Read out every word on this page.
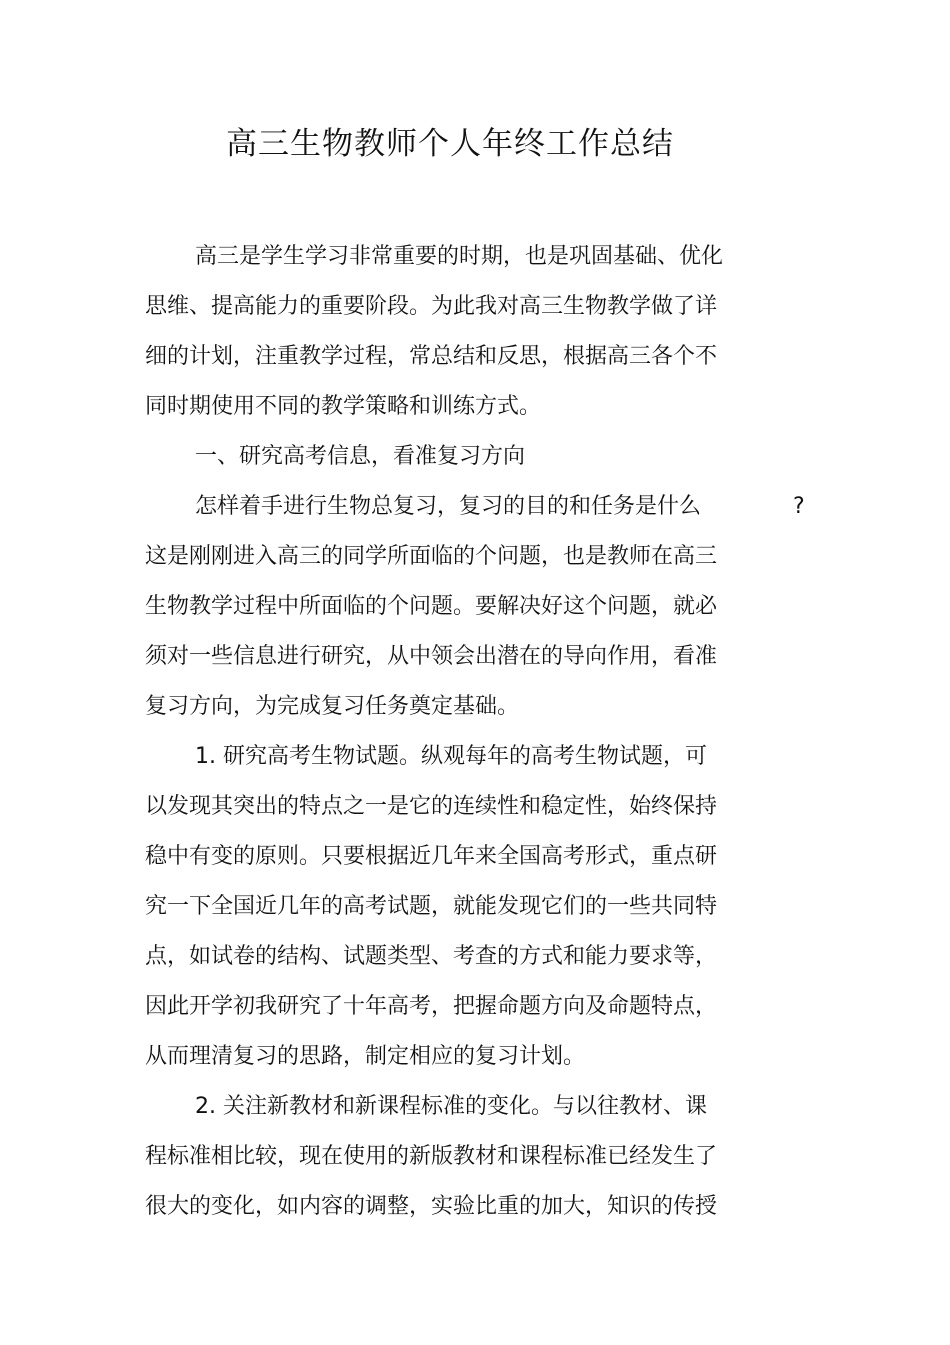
高三生物教师个人年终工作总结
高三是学生学习非常重要的时期，也是巩固基础、优化
思维、提高能力的重要阶段。为此我对高三生物教学做了详
细的计划，注重教学过程，常总结和反思，根据高三各个不
同时期使用不同的教学策略和训练方式。
一、研究高考信息，看准复习方向
怎样着手进行生物总复习，复习的目的和任务是什么	?
这是刚刚进入高三的同学所面临的个问题，也是教师在高三
生物教学过程中所面临的个问题。要解决好这个问题，就必
须对一些信息进行研究，从中领会出潜在的导向作用，看准
复习方向，为完成复习任务奠定基础。
1. 研究高考生物试题。纵观每年的高考生物试题，可
以发现其突出的特点之一是它的连续性和稳定性，始终保持
稳中有变的原则。只要根据近几年来全国高考形式，重点研
究一下全国近几年的高考试题，就能发现它们的一些共同特
点，如试卷的结构、试题类型、考查的方式和能力要求等，
因此开学初我研究了十年高考，把握命题方向及命题特点，
从而理清复习的思路，制定相应的复习计划。
2. 关注新教材和新课程标准的变化。与以往教材、课
程标准相比较，现在使用的新版教材和课程标准已经发生了
很大的变化，如内容的调整，实验比重的加大，知识的传授
